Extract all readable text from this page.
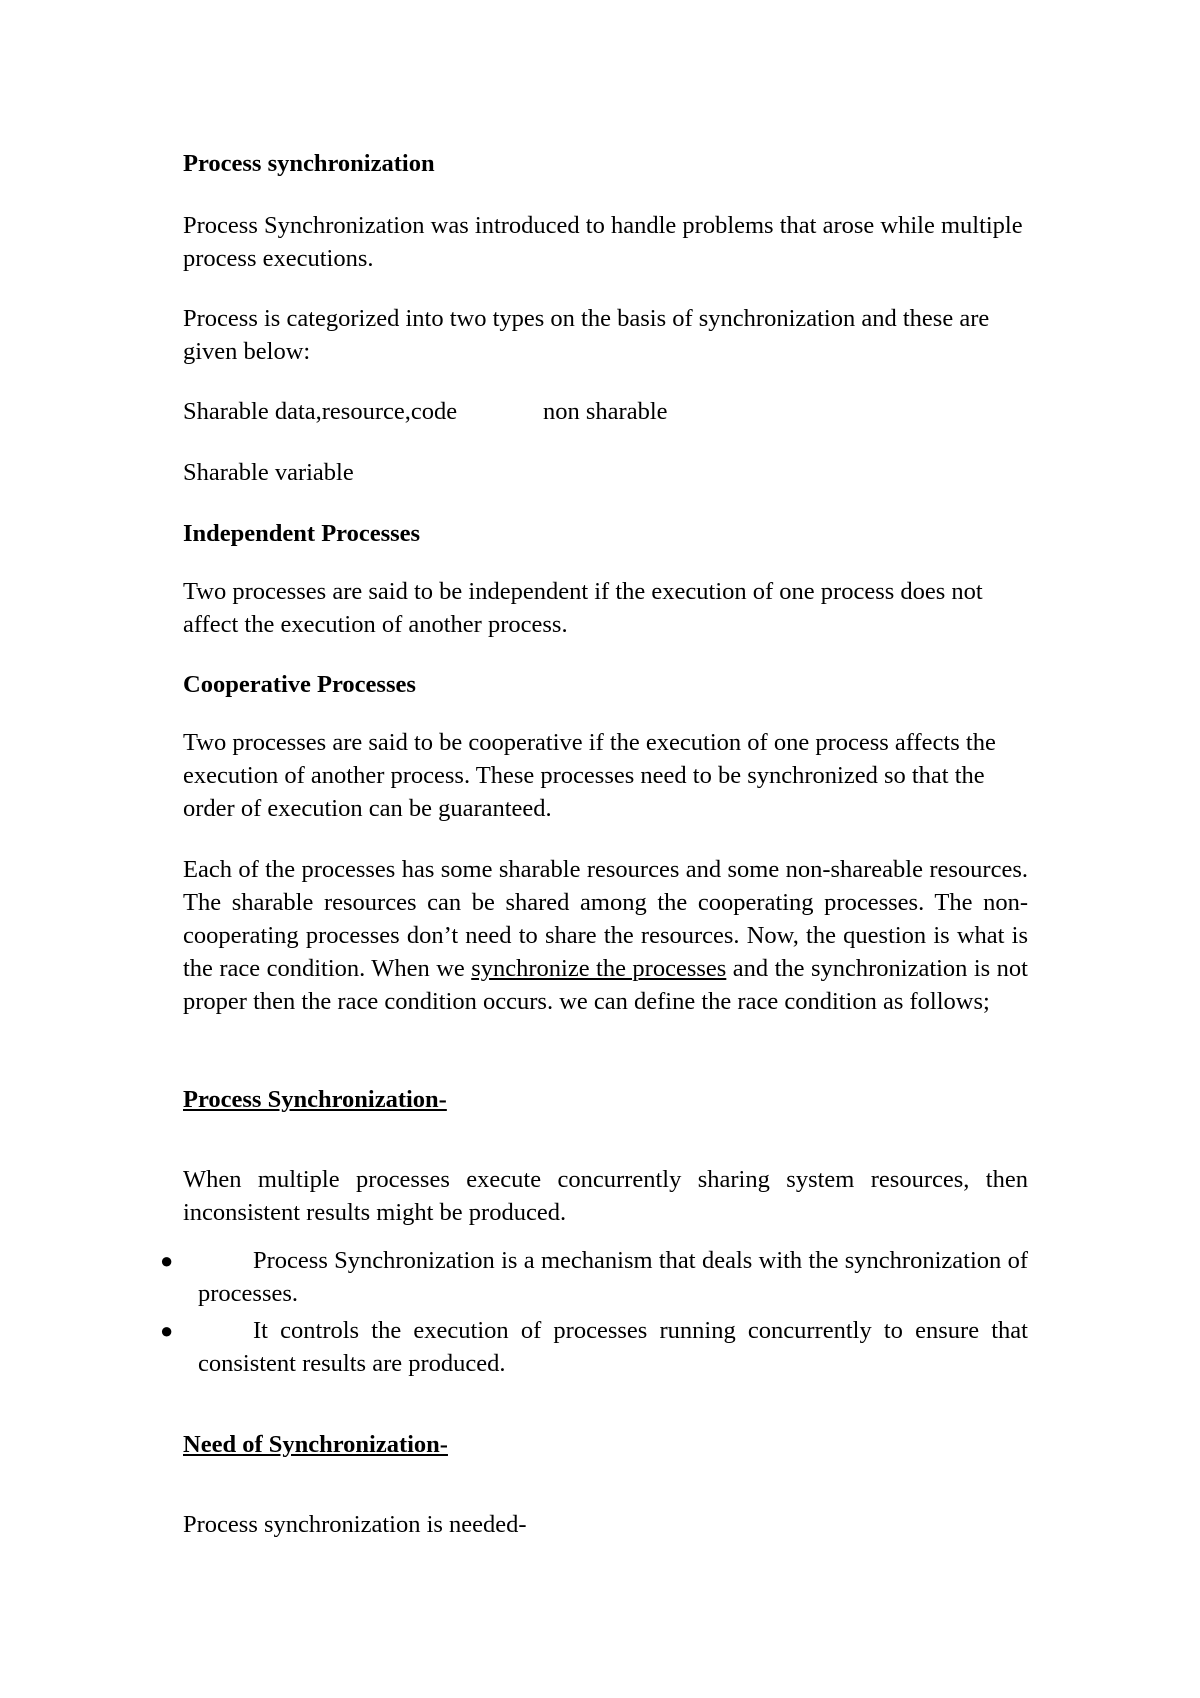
Process synchronization

Process Synchronization was introduced to handle problems that arose while multiple process executions.

Process is categorized into two types on the basis of synchronization and these are given below:

Sharable data,resource,code	non sharable

Sharable variable

Independent Processes

Two processes are said to be independent if the execution of one process does not affect the execution of another process.

Cooperative Processes

Two processes are said to be cooperative if the execution of one process affects the execution of another process. These processes need to be synchronized so that the order of execution can be guaranteed.

Each of the processes has some sharable resources and some non-shareable resources. The sharable resources can be shared among the cooperating processes. The non-cooperating processes don’t need to share the resources. Now, the question is what is the race condition. When we synchronize the processes and the synchronization is not proper then the race condition occurs. we can define the race condition as follows;

Process Synchronization-

When multiple processes execute concurrently sharing system resources, then inconsistent results might be produced.

●	Process Synchronization is a mechanism that deals with the synchronization of processes.
●	It controls the execution of processes running concurrently to ensure that consistent results are produced.

Need of Synchronization-

Process synchronization is needed-
